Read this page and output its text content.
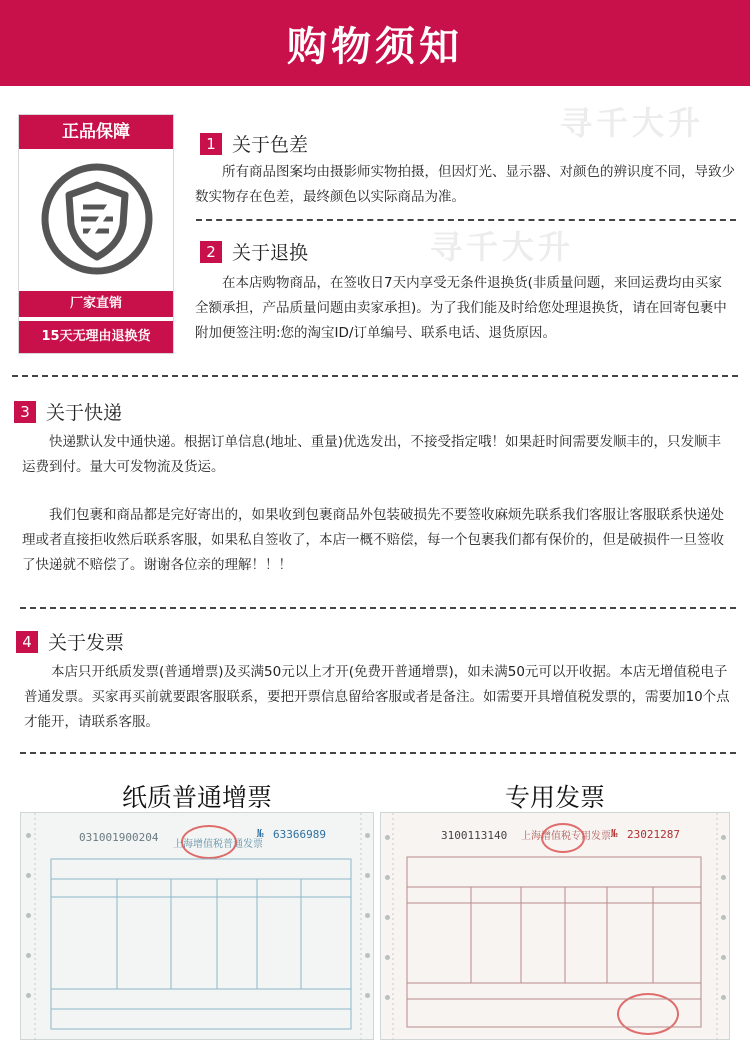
购物须知
寻千大升
寻千大升
正品保障
厂家直销
15天无理由退换货
1 关于色差
所有商品图案均由摄影师实物拍摄，但因灯光、显示器、对颜色的辨识度不同，导致少数实物存在色差，最终颜色以实际商品为准。
2 关于退换
在本店购物商品，在签收日7天内享受无条件退换货(非质量问题，来回运费均由买家全额承担，产品质量问题由卖家承担)。为了我们能及时给您处理退换货，请在回寄包裹中附加便签注明:您的淘宝ID/订单编号、联系电话、退货原因。
3 关于快递
快递默认发中通快递。根据订单信息(地址、重量)优选发出，不接受指定哦！如果赶时间需要发顺丰的，只发顺丰运费到付。量大可发物流及货运。
我们包裹和商品都是完好寄出的，如果收到包裹商品外包装破损先不要签收麻烦先联系我们客服让客服联系快递处理或者直接拒收然后联系客服，如果私自签收了，本店一概不赔偿，每一个包裹我们都有保价的，但是破损件一旦签收了快递就不赔偿了。谢谢各位亲的理解！！！
4 关于发票
本店只开纸质发票(普通增票)及买满50元以上才开(免费开普通增票)，如未满50元可以开收据。本店无增值税电子普通发票。买家再买前就要跟客服联系，要把开票信息留给客服或者是备注。如需要开具增值税发票的，需要加10个点才能开，请联系客服。
纸质普通增票	专用发票
031001900204
上海增值税普通发票
№ 63366989	3100113140 上海增值税专用发票 № 23021287
